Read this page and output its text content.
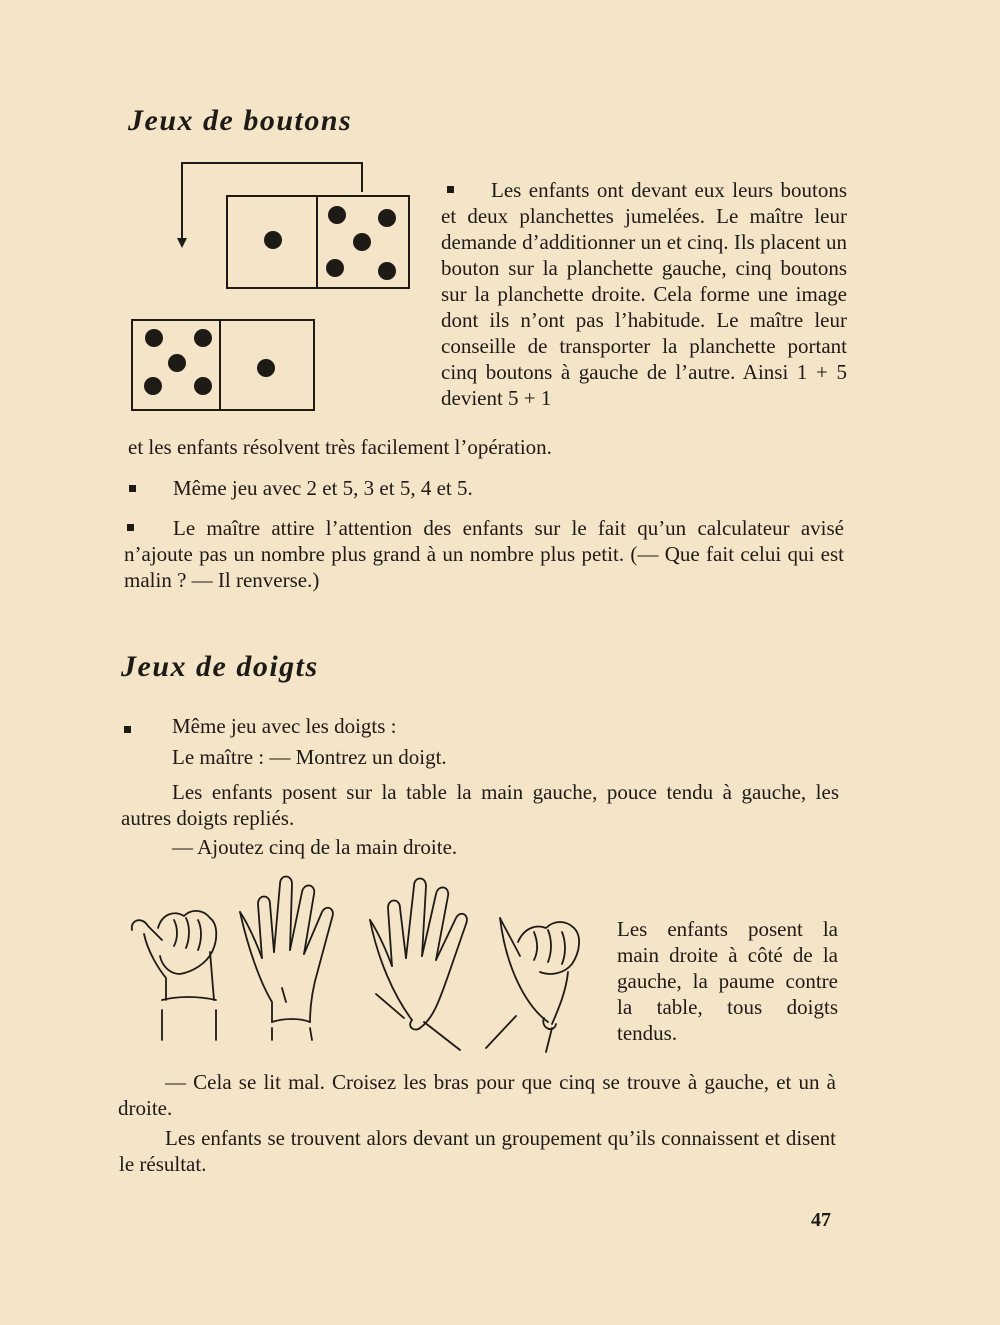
Jeux de boutons

Les enfants ont devant eux leurs boutons et deux planchettes jumelées. Le maître leur demande d’additionner un et cinq. Ils placent un bouton sur la planchette gauche, cinq boutons sur la planchette droite. Cela forme une image dont ils n’ont pas l’habitude. Le maître leur conseille de transporter la planchette portant cinq boutons à gauche de l’autre. Ainsi 1 + 5 devient 5 + 1

et les enfants résolvent très facilement l’opération.

Même jeu avec 2 et 5, 3 et 5, 4 et 5.

Le maître attire l’attention des enfants sur le fait qu’un calculateur avisé n’ajoute pas un nombre plus grand à un nombre plus petit. (— Que fait celui qui est malin ? — Il renverse.)

Jeux de doigts

Même jeu avec les doigts :

Le maître : — Montrez un doigt.

Les enfants posent sur la table la main gauche, pouce tendu à gauche, les autres doigts repliés.

— Ajoutez cinq de la main droite.

Les enfants posent la main droite à côté de la gauche, la paume contre la table, tous doigts tendus.

— Cela se lit mal. Croisez les bras pour que cinq se trouve à gauche, et un à droite.

Les enfants se trouvent alors devant un groupement qu’ils connaissent et disent le résultat.

47
